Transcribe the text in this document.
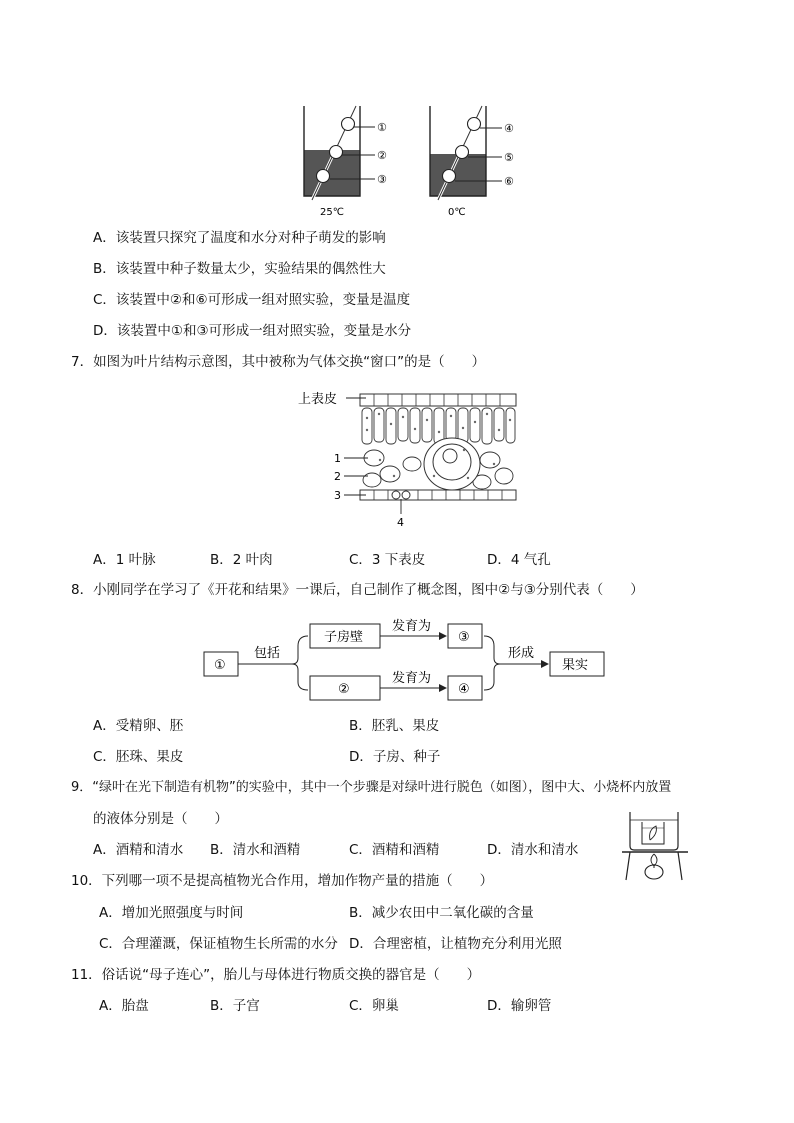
①
②
③
25℃
④
⑤
⑥
0℃
A．该装置只探究了温度和水分对种子萌发的影响
B．该装置中种子数量太少，实验结果的偶然性大
C．该装置中②和⑥可形成一组对照实验，变量是温度
D．该装置中①和③可形成一组对照实验，变量是水分
7．如图为叶片结构示意图，其中被称为气体交换“窗口”的是（　　）
上表皮
1
2
3
4
A．1 叶脉	B．2 叶肉	C．3 下表皮	D．4 气孔
8．小刚同学在学习了《开花和结果》一课后，自己制作了概念图，图中②与③分别代表（　　）
①
包括
子房壁
发育为
③
②
发育为
④
形成
果实
A．受精卵、胚	B．胚乳、果皮
C．胚珠、果皮	D．子房、种子
9．“绿叶在光下制造有机物”的实验中，其中一个步骤是对绿叶进行脱色（如图），图中大、小烧杯内放置
的液体分别是（　　）
A．酒精和清水 B．清水和酒精	C．酒精和酒精	D．清水和清水
10．下列哪一项不是提高植物光合作用，增加作物产量的措施（　　）
A．增加光照强度与时间	B．减少农田中二氧化碳的含量
C．合理灌溉，保证植物生长所需的水分 D．合理密植，让植物充分利用光照
11．俗话说“母子连心”，胎儿与母体进行物质交换的器官是（　　）
A．胎盘	B．子宫	C．卵巢	D．输卵管
